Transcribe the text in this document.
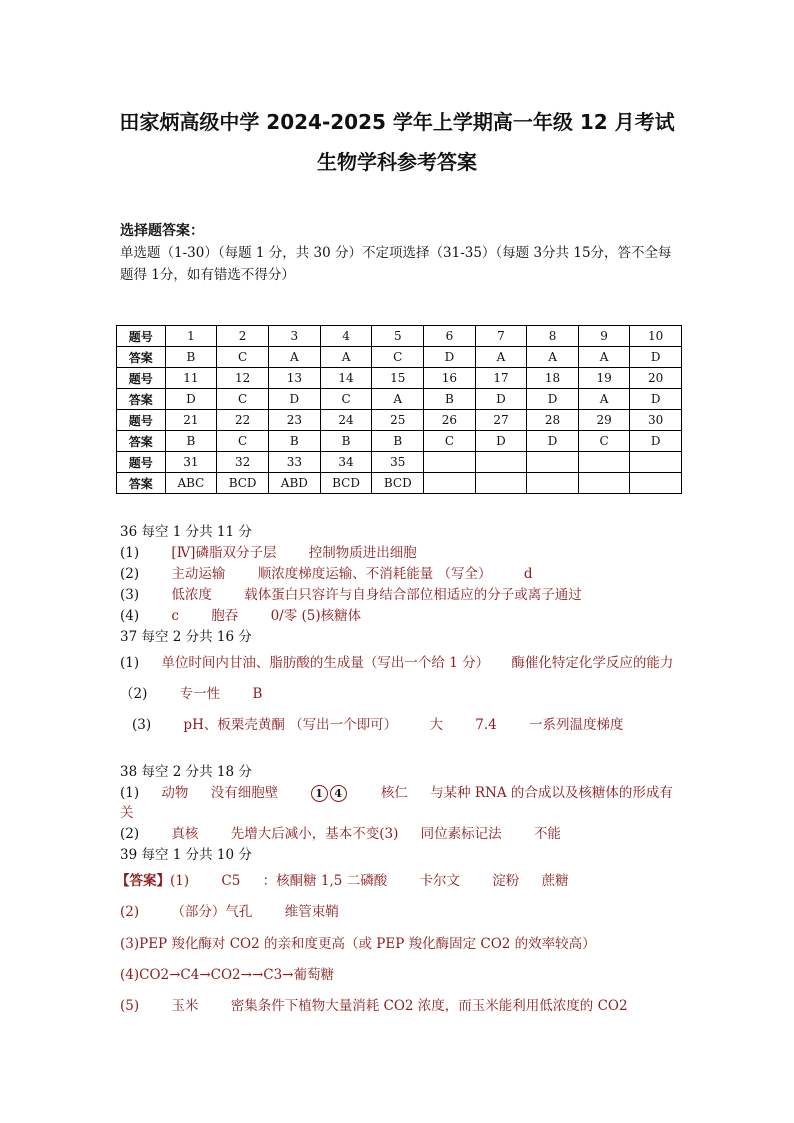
田家炳高级中学 2024-2025 学年上学期高一年级 12 月考试
生物学科参考答案
选择题答案：
单选题（1-30）（每题 1 分，共 30 分）不定项选择（31-35）（每题 3分共 15分，答不全每题得 1分，如有错选不得分）
题号	1	2	3	4	5	6	7	8	9	10
答案	B	C	A	A	C	D	A	A	A	D
题号	11	12	13	14	15	16	17	18	19	20
答案	D	C	D	C	A	B	D	D	A	D
题号	21	22	23	24	25	26	27	28	29	30
答案	B	C	B	B	B	C	D	D	C	D
题号	31	32	33	34	35					
答案	ABC	BCD	ABD	BCD	BCD					
36 每空 1 分共 11 分
(1) [Ⅳ]磷脂双分子层 控制物质进出细胞
(2) 主动运输 顺浓度梯度运输、不消耗能量 （写全） d
(3) 低浓度 载体蛋白只容许与自身结合部位相适应的分子或离子通过
(4) c 胞吞 0/零 (5)核糖体
37 每空 2 分共 16 分
(1) 单位时间内甘油、脂肪酸的生成量（写出一个给 1 分） 酶催化特定化学反应的能力
（2) 专一性 B
(3) pH、板栗壳黄酮 （写出一个即可） 大 7.4 一系列温度梯度
38 每空 2 分共 18 分
(1) 动物 没有细胞壁	1 4	核仁 与某种 RNA 的合成以及核糖体的形成有
关
(2) 真核 先增大后减小，基本不变(3) 同位素标记法 不能
39 每空 1 分共 10 分
【答案】(1) C5 ：核酮糖 1,5 二磷酸 卡尔文 淀粉 蔗糖
(2) （部分）气孔 维管束鞘
(3)PEP 羧化酶对 CO2 的亲和度更高（或 PEP 羧化酶固定 CO2 的效率较高）
(4)CO2→C4→CO2→→C3→葡萄糖
(5) 玉米 密集条件下植物大量消耗 CO2 浓度，而玉米能利用低浓度的 CO2
